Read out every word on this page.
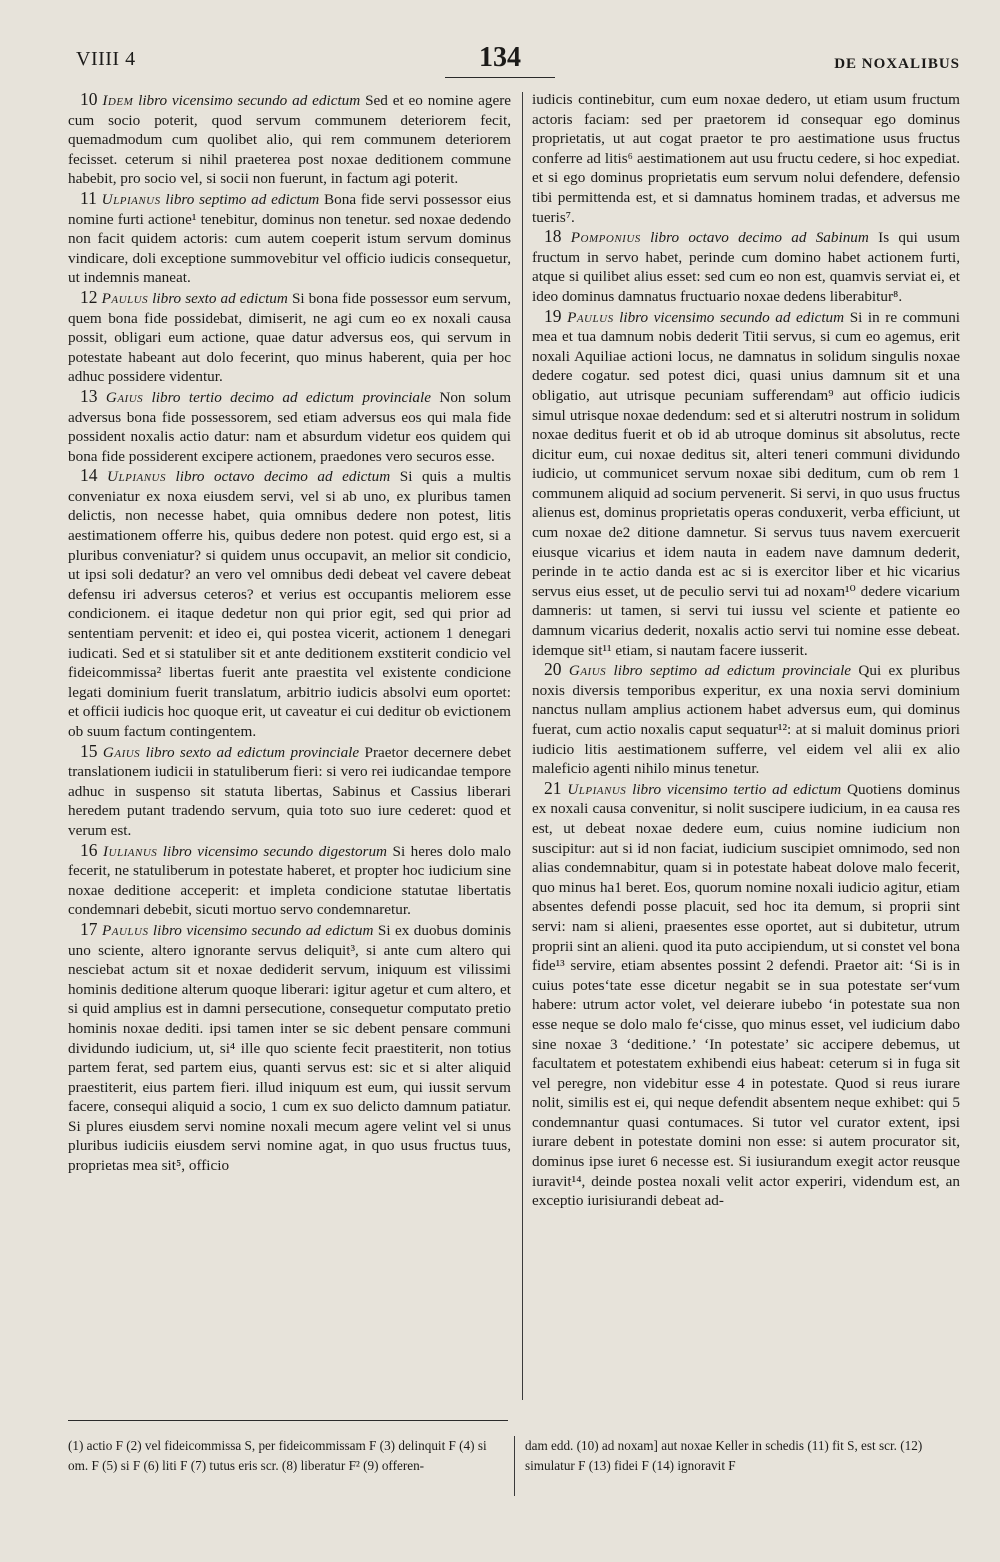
VIIII 4	134	DE NOXALIBUS

10 Idem libro vicensimo secundo ad edictum Sed et eo nomine agere cum socio poterit, quod servum communem deteriorem fecit, quemadmodum cum quolibet alio, qui rem communem deteriorem fecisset. ceterum si nihil praeterea post noxae deditionem commune habebit, pro socio vel, si socii non fuerunt, in factum agi poterit.

11 Ulpianus libro septimo ad edictum Bona fide servi possessor eius nomine furti actione¹ tenebitur, dominus non tenetur. sed noxae dedendo non facit quidem actoris: cum autem coeperit istum servum dominus vindicare, doli exceptione summovebitur vel officio iudicis consequetur, ut indemnis maneat.

12 Paulus libro sexto ad edictum Si bona fide possessor eum servum, quem bona fide possidebat, dimiserit, ne agi cum eo ex noxali causa possit, obligari eum actione, quae datur adversus eos, qui servum in potestate habeant aut dolo fecerint, quo minus haberent, quia per hoc adhuc possidere videntur.

13 Gaius libro tertio decimo ad edictum provinciale Non solum adversus bona fide possessorem, sed etiam adversus eos qui mala fide possident noxalis actio datur: nam et absurdum videtur eos quidem qui bona fide possiderent excipere actionem, praedones vero securos esse.

14 Ulpianus libro octavo decimo ad edictum Si quis a multis conveniatur ex noxa eiusdem servi, vel si ab uno, ex pluribus tamen delictis, non necesse habet, quia omnibus dedere non potest, litis aestimationem offerre his, quibus dedere non potest. quid ergo est, si a pluribus conveniatur? si quidem unus occupavit, an melior sit condicio, ut ipsi soli dedatur? an vero vel omnibus dedi debeat vel cavere debeat defensu iri adversus ceteros? et verius est occupantis meliorem esse condicionem. ei itaque dedetur non qui prior egit, sed qui prior ad sententiam pervenit: et ideo ei, qui postea vicerit, actionem 1 denegari iudicati. Sed et si statuliber sit et ante deditionem exstiterit condicio vel fideicommissa² libertas fuerit ante praestita vel existente condicione legati dominium fuerit translatum, arbitrio iudicis absolvi eum oportet: et officii iudicis hoc quoque erit, ut caveatur ei cui deditur ob evictionem ob suum factum contingentem.

15 Gaius libro sexto ad edictum provinciale Praetor decernere debet translationem iudicii in statuliberum fieri: si vero rei iudicandae tempore adhuc in suspenso sit statuta libertas, Sabinus et Cassius liberari heredem putant tradendo servum, quia toto suo iure cederet: quod et verum est.

16 Iulianus libro vicensimo secundo digestorum Si heres dolo malo fecerit, ne statuliberum in potestate haberet, et propter hoc iudicium sine noxae deditione acceperit: et impleta condicione statutae libertatis condemnari debebit, sicuti mortuo servo condemnaretur.

17 Paulus libro vicensimo secundo ad edictum Si ex duobus dominis uno sciente, altero ignorante servus deliquit³, si ante cum altero qui nesciebat actum sit et noxae dediderit servum, iniquum est vilissimi hominis deditione alterum quoque liberari: igitur agetur et cum altero, et si quid amplius est in damni persecutione, consequetur computato pretio hominis noxae dediti. ipsi tamen inter se sic debent pensare communi dividundo iudicium, ut, si⁴ ille quo sciente fecit praestiterit, non totius partem ferat, sed partem eius, quanti servus est: sic et si alter aliquid praestiterit, eius partem fieri. illud iniquum est eum, qui iussit servum facere, consequi aliquid a socio, 1 cum ex suo delicto damnum patiatur. Si plures eiusdem servi nomine noxali mecum agere velint vel si unus pluribus iudiciis eiusdem servi nomine agat, in quo usus fructus tuus, proprietas mea sit⁵, officio

iudicis continebitur, cum eum noxae dedero, ut etiam usum fructum actoris faciam: sed per praetorem id consequar ego dominus proprietatis, ut aut cogat praetor te pro aestimatione usus fructus conferre ad litis⁶ aestimationem aut usu fructu cedere, si hoc expediat. et si ego dominus proprietatis eum servum nolui defendere, defensio tibi permittenda est, et si damnatus hominem tradas, et adversus me tueris⁷.

18 Pomponius libro octavo decimo ad Sabinum Is qui usum fructum in servo habet, perinde cum domino habet actionem furti, atque si quilibet alius esset: sed cum eo non est, quamvis serviat ei, et ideo dominus damnatus fructuario noxae dedens liberabitur⁸.

19 Paulus libro vicensimo secundo ad edictum Si in re communi mea et tua damnum nobis dederit Titii servus, si cum eo agemus, erit noxali Aquiliae actioni locus, ne damnatus in solidum singulis noxae dedere cogatur. sed potest dici, quasi unius damnum sit et una obligatio, aut utrisque pecuniam sufferendam⁹ aut officio iudicis simul utrisque noxae dedendum: sed et si alterutri nostrum in solidum noxae deditus fuerit et ob id ab utroque dominus sit absolutus, recte dicitur eum, cui noxae deditus sit, alteri teneri communi dividundo iudicio, ut communicet servum noxae sibi deditum, cum ob rem 1 communem aliquid ad socium pervenerit. Si servi, in quo usus fructus alienus est, dominus proprietatis operas conduxerit, verba efficiunt, ut cum noxae de2 ditione damnetur. Si servus tuus navem exercuerit eiusque vicarius et idem nauta in eadem nave damnum dederit, perinde in te actio danda est ac si is exercitor liber et hic vicarius servus eius esset, ut de peculio servi tui ad noxam¹⁰ dedere vicarium damneris: ut tamen, si servi tui iussu vel sciente et patiente eo damnum vicarius dederit, noxalis actio servi tui nomine esse debeat. idemque sit¹¹ etiam, si nautam facere iusserit.

20 Gaius libro septimo ad edictum provinciale Qui ex pluribus noxis diversis temporibus experitur, ex una noxia servi dominium nanctus nullam amplius actionem habet adversus eum, qui dominus fuerat, cum actio noxalis caput sequatur¹²: at si maluit dominus priori iudicio litis aestimationem sufferre, vel eidem vel alii ex alio maleficio agenti nihilo minus tenetur.

21 Ulpianus libro vicensimo tertio ad edictum Quotiens dominus ex noxali causa convenitur, si nolit suscipere iudicium, in ea causa res est, ut debeat noxae dedere eum, cuius nomine iudicium non suscipitur: aut si id non faciat, iudicium suscipiet omnimodo, sed non alias condemnabitur, quam si in potestate habeat dolove malo fecerit, quo minus ha1 beret. Eos, quorum nomine noxali iudicio agitur, etiam absentes defendi posse placuit, sed hoc ita demum, si proprii sint servi: nam si alieni, praesentes esse oportet, aut si dubitetur, utrum proprii sint an alieni. quod ita puto accipiendum, ut si constet vel bona fide¹³ servire, etiam absentes possint 2 defendi. Praetor ait: ‘Si is in cuius potes‘tate esse dicetur negabit se in sua potestate ser‘vum habere: utrum actor volet, vel deierare iubebo ‘in potestate sua non esse neque se dolo malo fe‘cisse, quo minus esset, vel iudicium dabo sine noxae 3 ‘deditione.’ ‘In potestate’ sic accipere debemus, ut facultatem et potestatem exhibendi eius habeat: ceterum si in fuga sit vel peregre, non videbitur esse 4 in potestate. Quod si reus iurare nolit, similis est ei, qui neque defendit absentem neque exhibet: qui 5 condemnantur quasi contumaces. Si tutor vel curator extent, ipsi iurare debent in potestate domini non esse: si autem procurator sit, dominus ipse iuret 6 necesse est. Si iusiurandum exegit actor reusque iuravit¹⁴, deinde postea noxali velit actor experiri, videndum est, an exceptio iurisiurandi debeat ad-

(1) actio F (2) vel fideicommissa S, per fideicommissam F (3) delinquit F (4) si om. F (5) si F (6) liti F (7) tutus eris scr. (8) liberatur F² (9) offeren-
dam edd. (10) ad noxam] aut noxae Keller in schedis (11) fit S, est scr. (12) simulatur F (13) fidei F (14) ignoravit F
